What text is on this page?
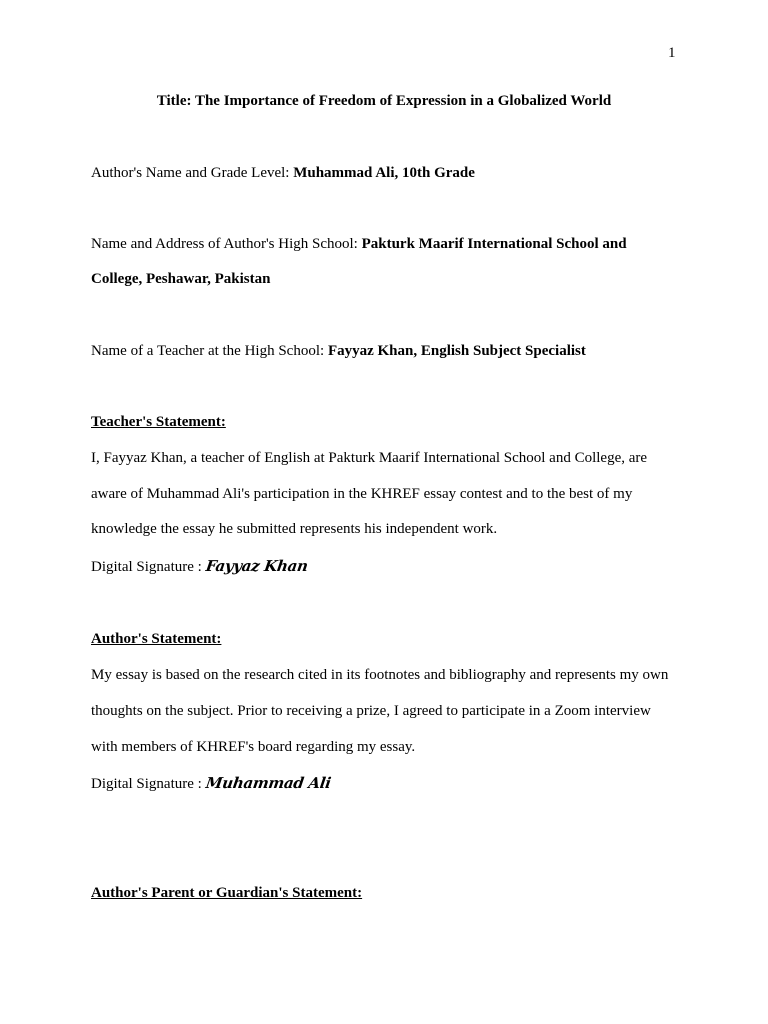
1
Title: The Importance of Freedom of Expression in a Globalized World
Author's Name and Grade Level: Muhammad Ali, 10th Grade
Name and Address of Author's High School: Pakturk Maarif International School and
College, Peshawar, Pakistan
Name of a Teacher at the High School: Fayyaz Khan, English Subject Specialist
Teacher's Statement:
I, Fayyaz Khan, a teacher of English at Pakturk Maarif International School and College, are
aware of Muhammad Ali's participation in the KHREF essay contest and to the best of my
knowledge the essay he submitted represents his independent work.
Digital Signature : Fayyaz Khan
Author's Statement:
My essay is based on the research cited in its footnotes and bibliography and represents my own
thoughts on the subject. Prior to receiving a prize, I agreed to participate in a Zoom interview
with members of KHREF's board regarding my essay.
Digital Signature : Muhammad Ali
Author's Parent or Guardian's Statement:
